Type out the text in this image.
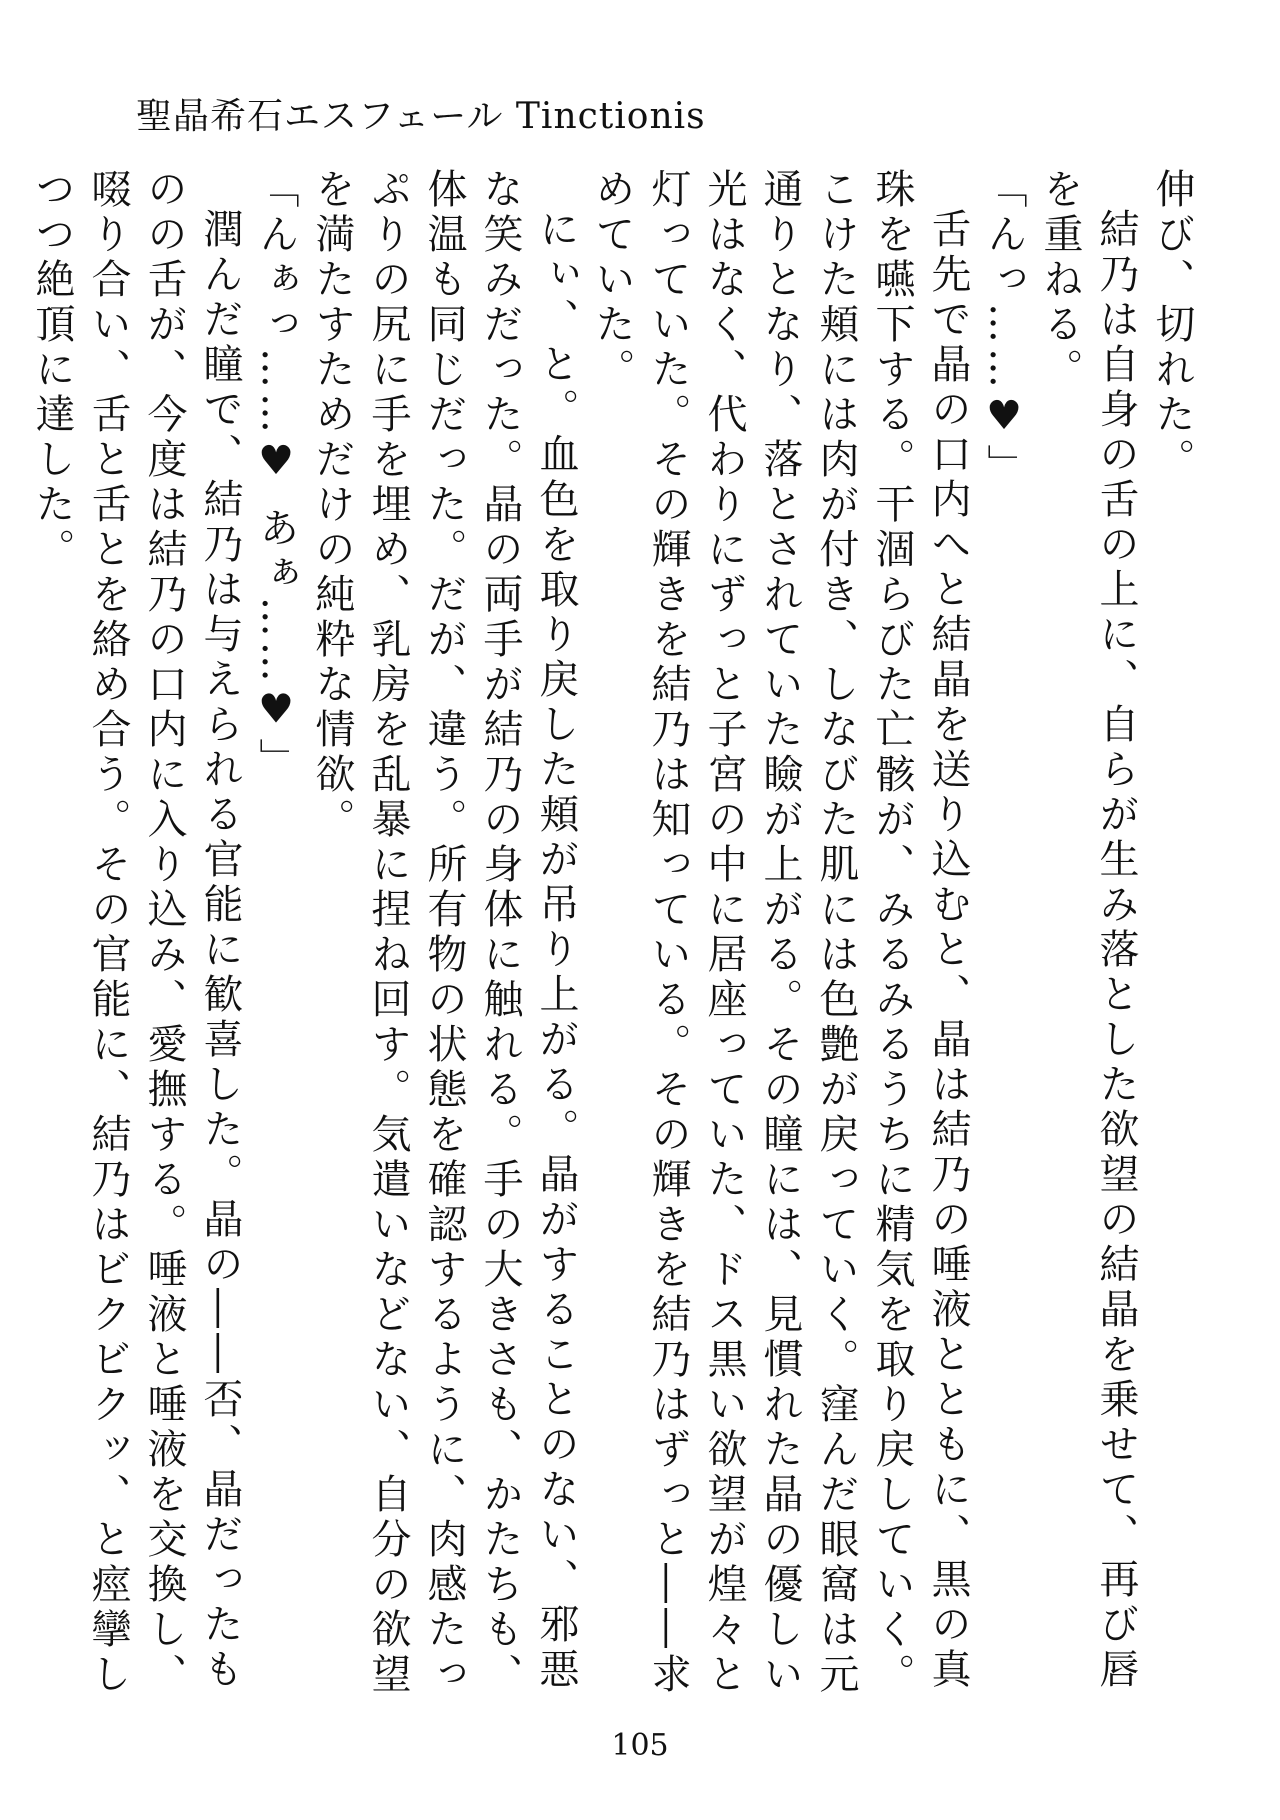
聖晶希石エスフェール Tinctionis

伸び、切れた。

結乃は自身の舌の上に、自らが生み落とした欲望の結晶を乗せて、再び唇を重ねる。

「んっ……♥」

舌先で晶の口内へと結晶を送り込むと、晶は結乃の唾液とともに、黒の真珠を嚥下する。干涸らびた亡骸が、みるみるうちに精気を取り戻していく。こけた頬には肉が付き、しなびた肌には色艶が戻っていく。窪んだ眼窩は元通りとなり、落とされていた瞼が上がる。その瞳には、見慣れた晶の優しい光はなく、代わりにずっと子宮の中に居座っていた、ドス黒い欲望が煌々と灯っていた。その輝きを結乃は知っている。その輝きを結乃はずっと――求めていた。

にぃ、と。血色を取り戻した頬が吊り上がる。晶がすることのない、邪悪な笑みだった。晶の両手が結乃の身体に触れる。手の大きさも、かたちも、体温も同じだった。だが、違う。所有物の状態を確認するように、肉感たっぷりの尻に手を埋め、乳房を乱暴に捏ね回す。気遣いなどない、自分の欲望を満たすためだけの純粋な情欲。

「んぁっ……♥ あぁ……♥」

潤んだ瞳で、結乃は与えられる官能に歓喜した。晶の――否、晶だったものの舌が、今度は結乃の口内に入り込み、愛撫する。唾液と唾液を交換し、啜り合い、舌と舌とを絡め合う。その官能に、結乃はビクビクッ、と痙攣しつつ絶頂に達した。

105
